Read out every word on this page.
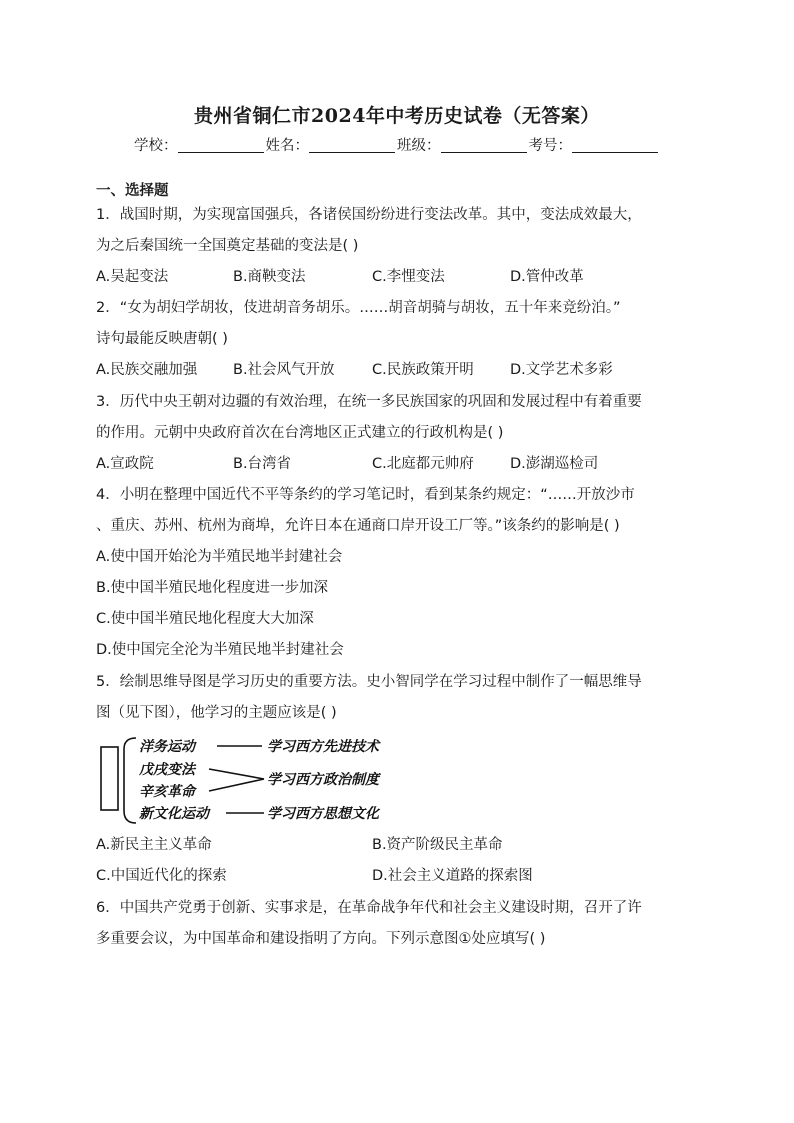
贵州省铜仁市2024年中考历史试卷（无答案）
学校：	姓名：	班级：	考号：
一、选择题
1．战国时期，为实现富国强兵，各诸侯国纷纷进行变法改革。其中，变法成效最大，
为之后秦国统一全国奠定基础的变法是( )
A.吴起变法	B.商鞅变法	C.李悝变法	D.管仲改革
2．“女为胡妇学胡妆，伎进胡音务胡乐。……胡音胡骑与胡妆，五十年来竞纷泊。”
诗句最能反映唐朝( )
A.民族交融加强 B.社会风气开放	C.民族政策开明	D.文学艺术多彩
3．历代中央王朝对边疆的有效治理，在统一多民族国家的巩固和发展过程中有着重要
的作用。元朝中央政府首次在台湾地区正式建立的行政机构是( )
A.宣政院	B.台湾省	C.北庭都元帅府	D.澎湖巡检司
4．小明在整理中国近代不平等条约的学习笔记时，看到某条约规定：“……开放沙市
、重庆、苏州、杭州为商埠，允许日本在通商口岸开设工厂等。”该条约的影响是( )
A.使中国开始沦为半殖民地半封建社会
B.使中国半殖民地化程度进一步加深
C.使中国半殖民地化程度大大加深
D.使中国完全沦为半殖民地半封建社会
5．绘制思维导图是学习历史的重要方法。史小智同学在学习过程中制作了一幅思维导
图（见下图），他学习的主题应该是( )
洋务运动
戊戌变法
辛亥革命
新文化运动
学习西方先进技术
学习西方政治制度
学习西方思想文化
A.新民主主义革命	B.资产阶级民主革命
C.中国近代化的探索	D.社会主义道路的探索图
6．中国共产党勇于创新、实事求是，在革命战争年代和社会主义建设时期，召开了许
多重要会议，为中国革命和建设指明了方向。下列示意图①处应填写( )
